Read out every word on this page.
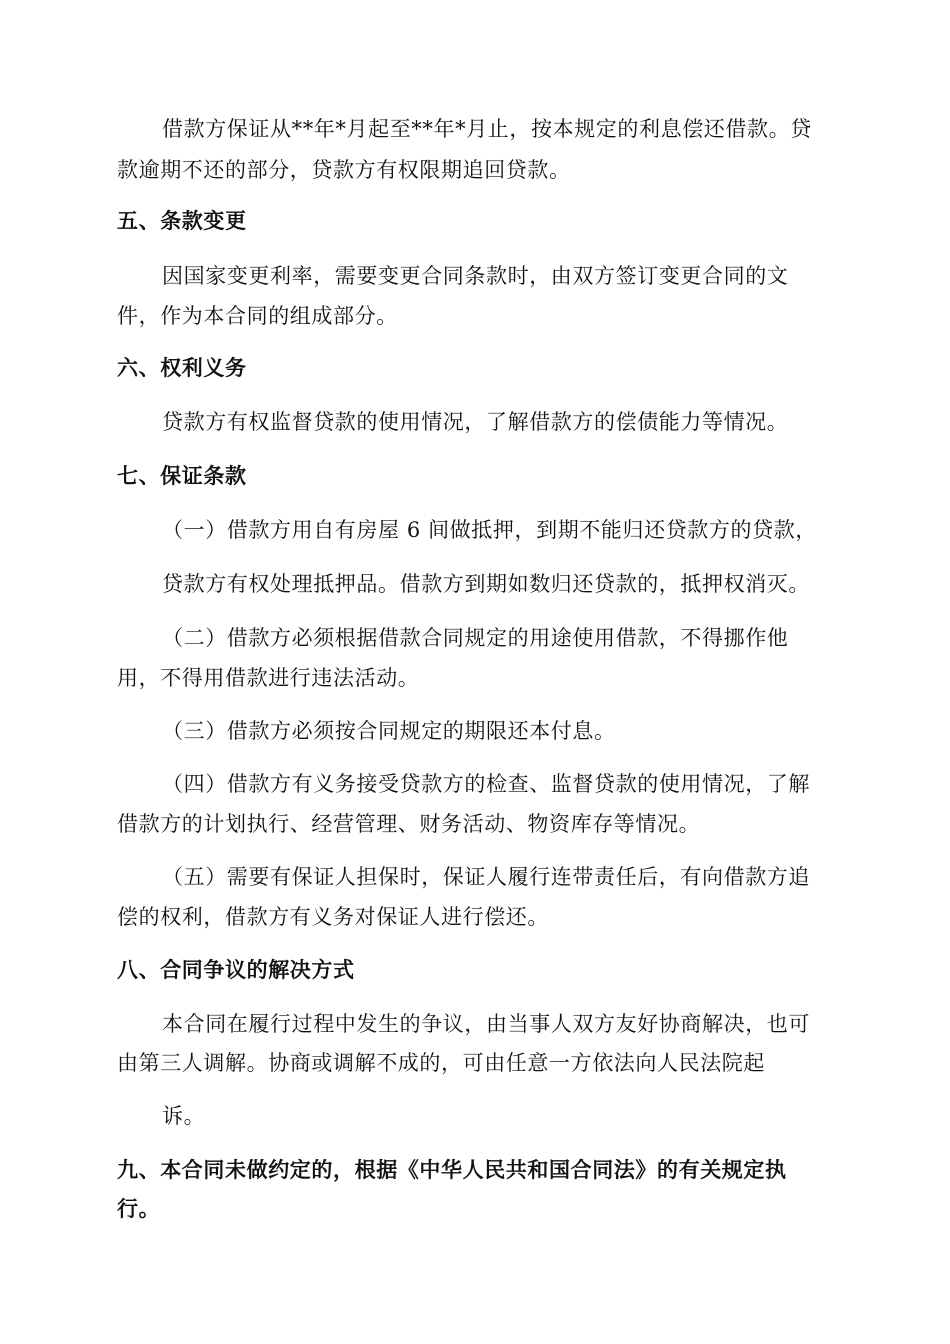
借款方保证从**年*月起至**年*月止，按本规定的利息偿还借款。贷
款逾期不还的部分，贷款方有权限期追回贷款。
五、条款变更
因国家变更利率，需要变更合同条款时，由双方签订变更合同的文
件，作为本合同的组成部分。
六、权利义务
贷款方有权监督贷款的使用情况，了解借款方的偿债能力等情况。
七、保证条款
（一）借款方用自有房屋 6 间做抵押，到期不能归还贷款方的贷款，
贷款方有权处理抵押品。借款方到期如数归还贷款的，抵押权消灭。
（二）借款方必须根据借款合同规定的用途使用借款，不得挪作他
用，不得用借款进行违法活动。
（三）借款方必须按合同规定的期限还本付息。
（四）借款方有义务接受贷款方的检查、监督贷款的使用情况，了解
借款方的计划执行、经营管理、财务活动、物资库存等情况。
（五）需要有保证人担保时，保证人履行连带责任后，有向借款方追
偿的权利，借款方有义务对保证人进行偿还。
八、合同争议的解决方式
本合同在履行过程中发生的争议，由当事人双方友好协商解决，也可
由第三人调解。协商或调解不成的，可由任意一方依法向人民法院起
诉。
九、本合同未做约定的，根据《中华人民共和国合同法》的有关规定执
行。
